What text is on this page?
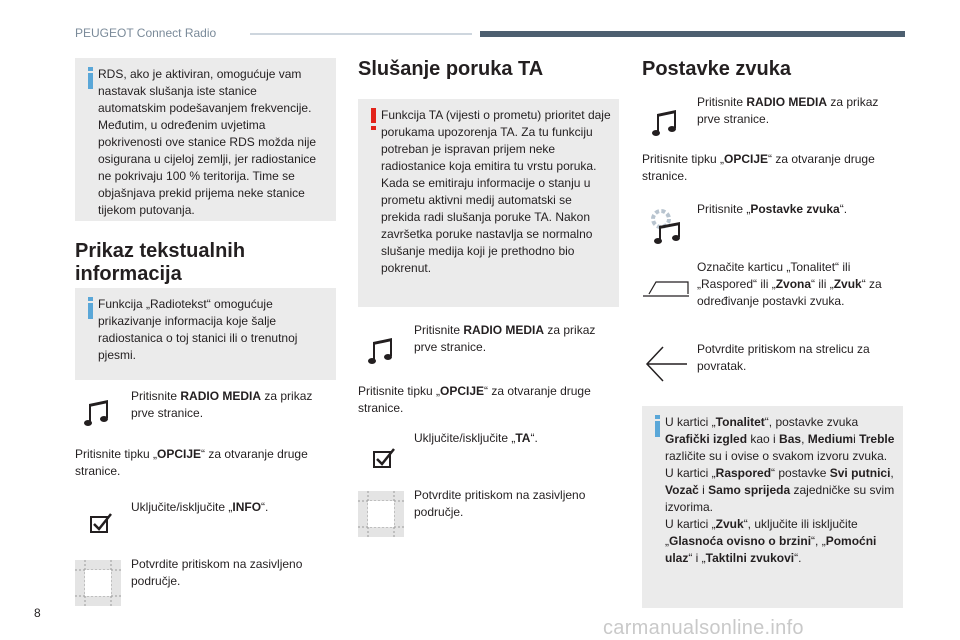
PEUGEOT Connect Radio
RDS, ako je aktiviran, omogućuje vam nastavak slušanja iste stanice automatskim podešavanjem frekvencije. Međutim, u određenim uvjetima pokrivenosti ove stanice RDS možda nije osigurana u cijeloj zemlji, jer radiostanice ne pokrivaju 100 % teritorija. Time se objašnjava prekid prijema neke stanice tijekom putovanja.
Prikaz tekstualnih
informacija
Funkcija „Radiotekst“ omogućuje prikazivanje informacija koje šalje radiostanica o toj stanici ili o trenutnoj pjesmi.
Pritisnite RADIO MEDIA za prikaz prve stranice.
Pritisnite tipku „OPCIJE“ za otvaranje druge stranice.
Uključite/isključite „INFO“.
Potvrdite pritiskom na zasivljeno područje.
Slušanje poruka TA
Funkcija TA (vijesti o prometu) prioritet daje porukama upozorenja TA. Za tu funkciju potreban je ispravan prijem neke radiostanice koja emitira tu vrstu poruka. Kada se emitiraju informacije o stanju u prometu aktivni medij automatski se prekida radi slušanja poruke TA. Nakon završetka poruke nastavlja se normalno slušanje medija koji je prethodno bio pokrenut.
Pritisnite RADIO MEDIA za prikaz prve stranice.
Pritisnite tipku „OPCIJE“ za otvaranje druge stranice.
Uključite/isključite „TA“.
Potvrdite pritiskom na zasivljeno područje.
Postavke zvuka
Pritisnite RADIO MEDIA za prikaz prve stranice.
Pritisnite tipku „OPCIJE“ za otvaranje druge stranice.
Pritisnite „Postavke zvuka“.
Označite karticu „Tonalitet“ ili „Raspored“ ili „Zvona“ ili „Zvuk“ za određivanje postavki zvuka.
Potvrdite pritiskom na strelicu za povratak.
U kartici „Tonalitet“, postavke zvuka Grafički izgled kao i Bas, Mediumi Treble različite su i ovise o svakom izvoru zvuka.
U kartici „Raspored“ postavke Svi putnici, Vozač i Samo sprijeda zajedničke su svim izvorima.
U kartici „Zvuk“, uključite ili isključite „Glasnoća ovisno o brzini“, „Pomoćni ulaz“ i „Taktilni zvukovi“.
8
carmanualsonline.info
